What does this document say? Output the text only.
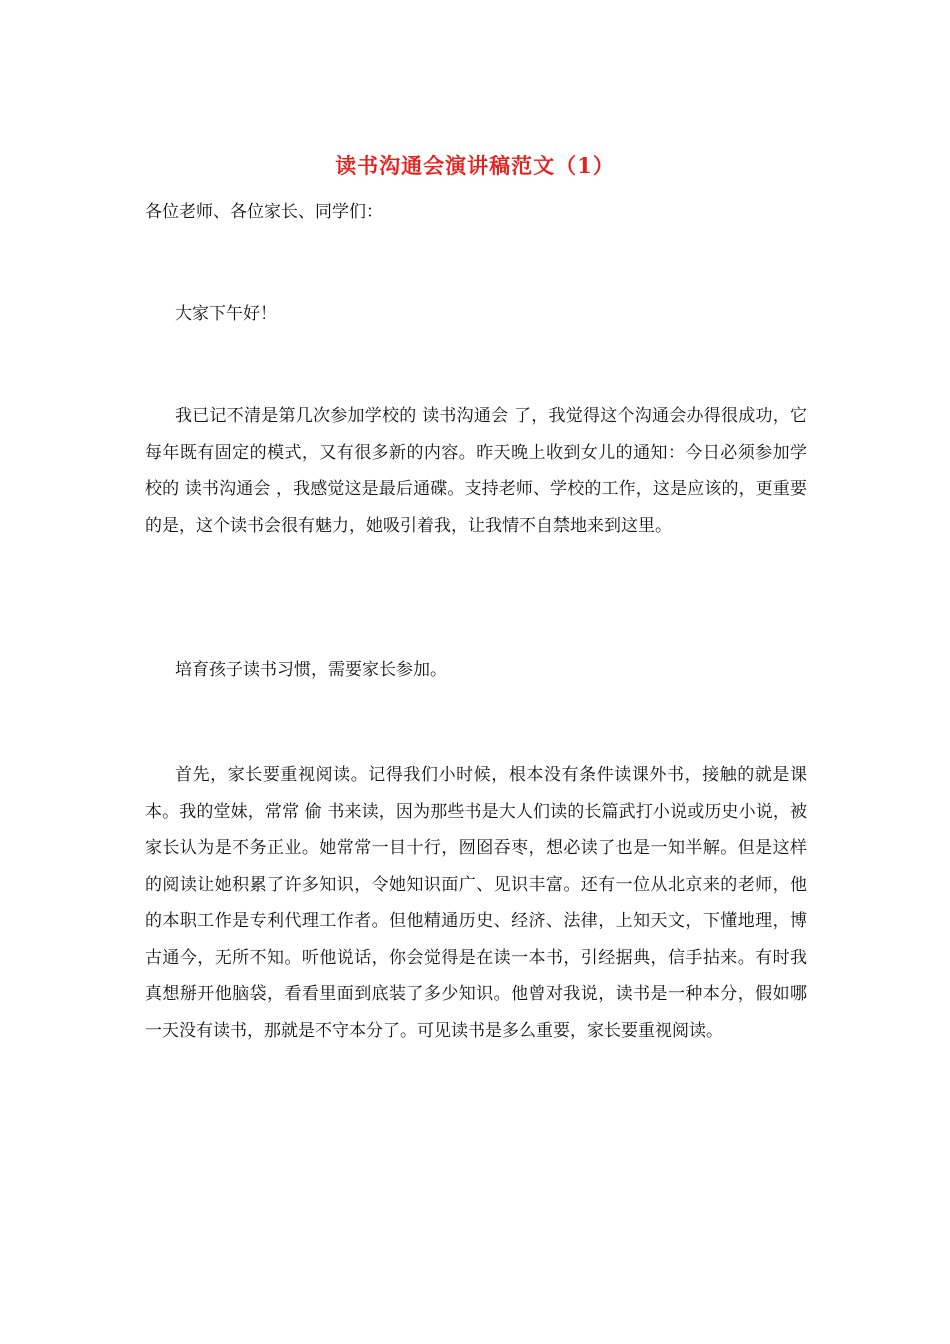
读书沟通会演讲稿范文（1）
各位老师、各位家长、同学们：

大家下午好！

我已记不清是第几次参加学校的 读书沟通会 了，我觉得这个沟通会办得很成功，它每年既有固定的模式，又有很多新的内容。昨天晚上收到女儿的通知：今日必须参加学校的 读书沟通会 ，我感觉这是最后通碟。支持老师、学校的工作，这是应该的，更重要的是，这个读书会很有魅力，她吸引着我，让我情不自禁地来到这里。

培育孩子读书习惯，需要家长参加。

首先，家长要重视阅读。记得我们小时候，根本没有条件读课外书，接触的就是课本。我的堂妹，常常 偷 书来读，因为那些书是大人们读的长篇武打小说或历史小说，被家长认为是不务正业。她常常一目十行，囫囵吞枣，想必读了也是一知半解。但是这样的阅读让她积累了许多知识，令她知识面广、见识丰富。还有一位从北京来的老师，他的本职工作是专利代理工作者。但他精通历史、经济、法律，上知天文，下懂地理，博古通今，无所不知。听他说话，你会觉得是在读一本书，引经据典，信手拈来。有时我真想掰开他脑袋，看看里面到底装了多少知识。他曾对我说，读书是一种本分，假如哪一天没有读书，那就是不守本分了。可见读书是多么重要，家长要重视阅读。
